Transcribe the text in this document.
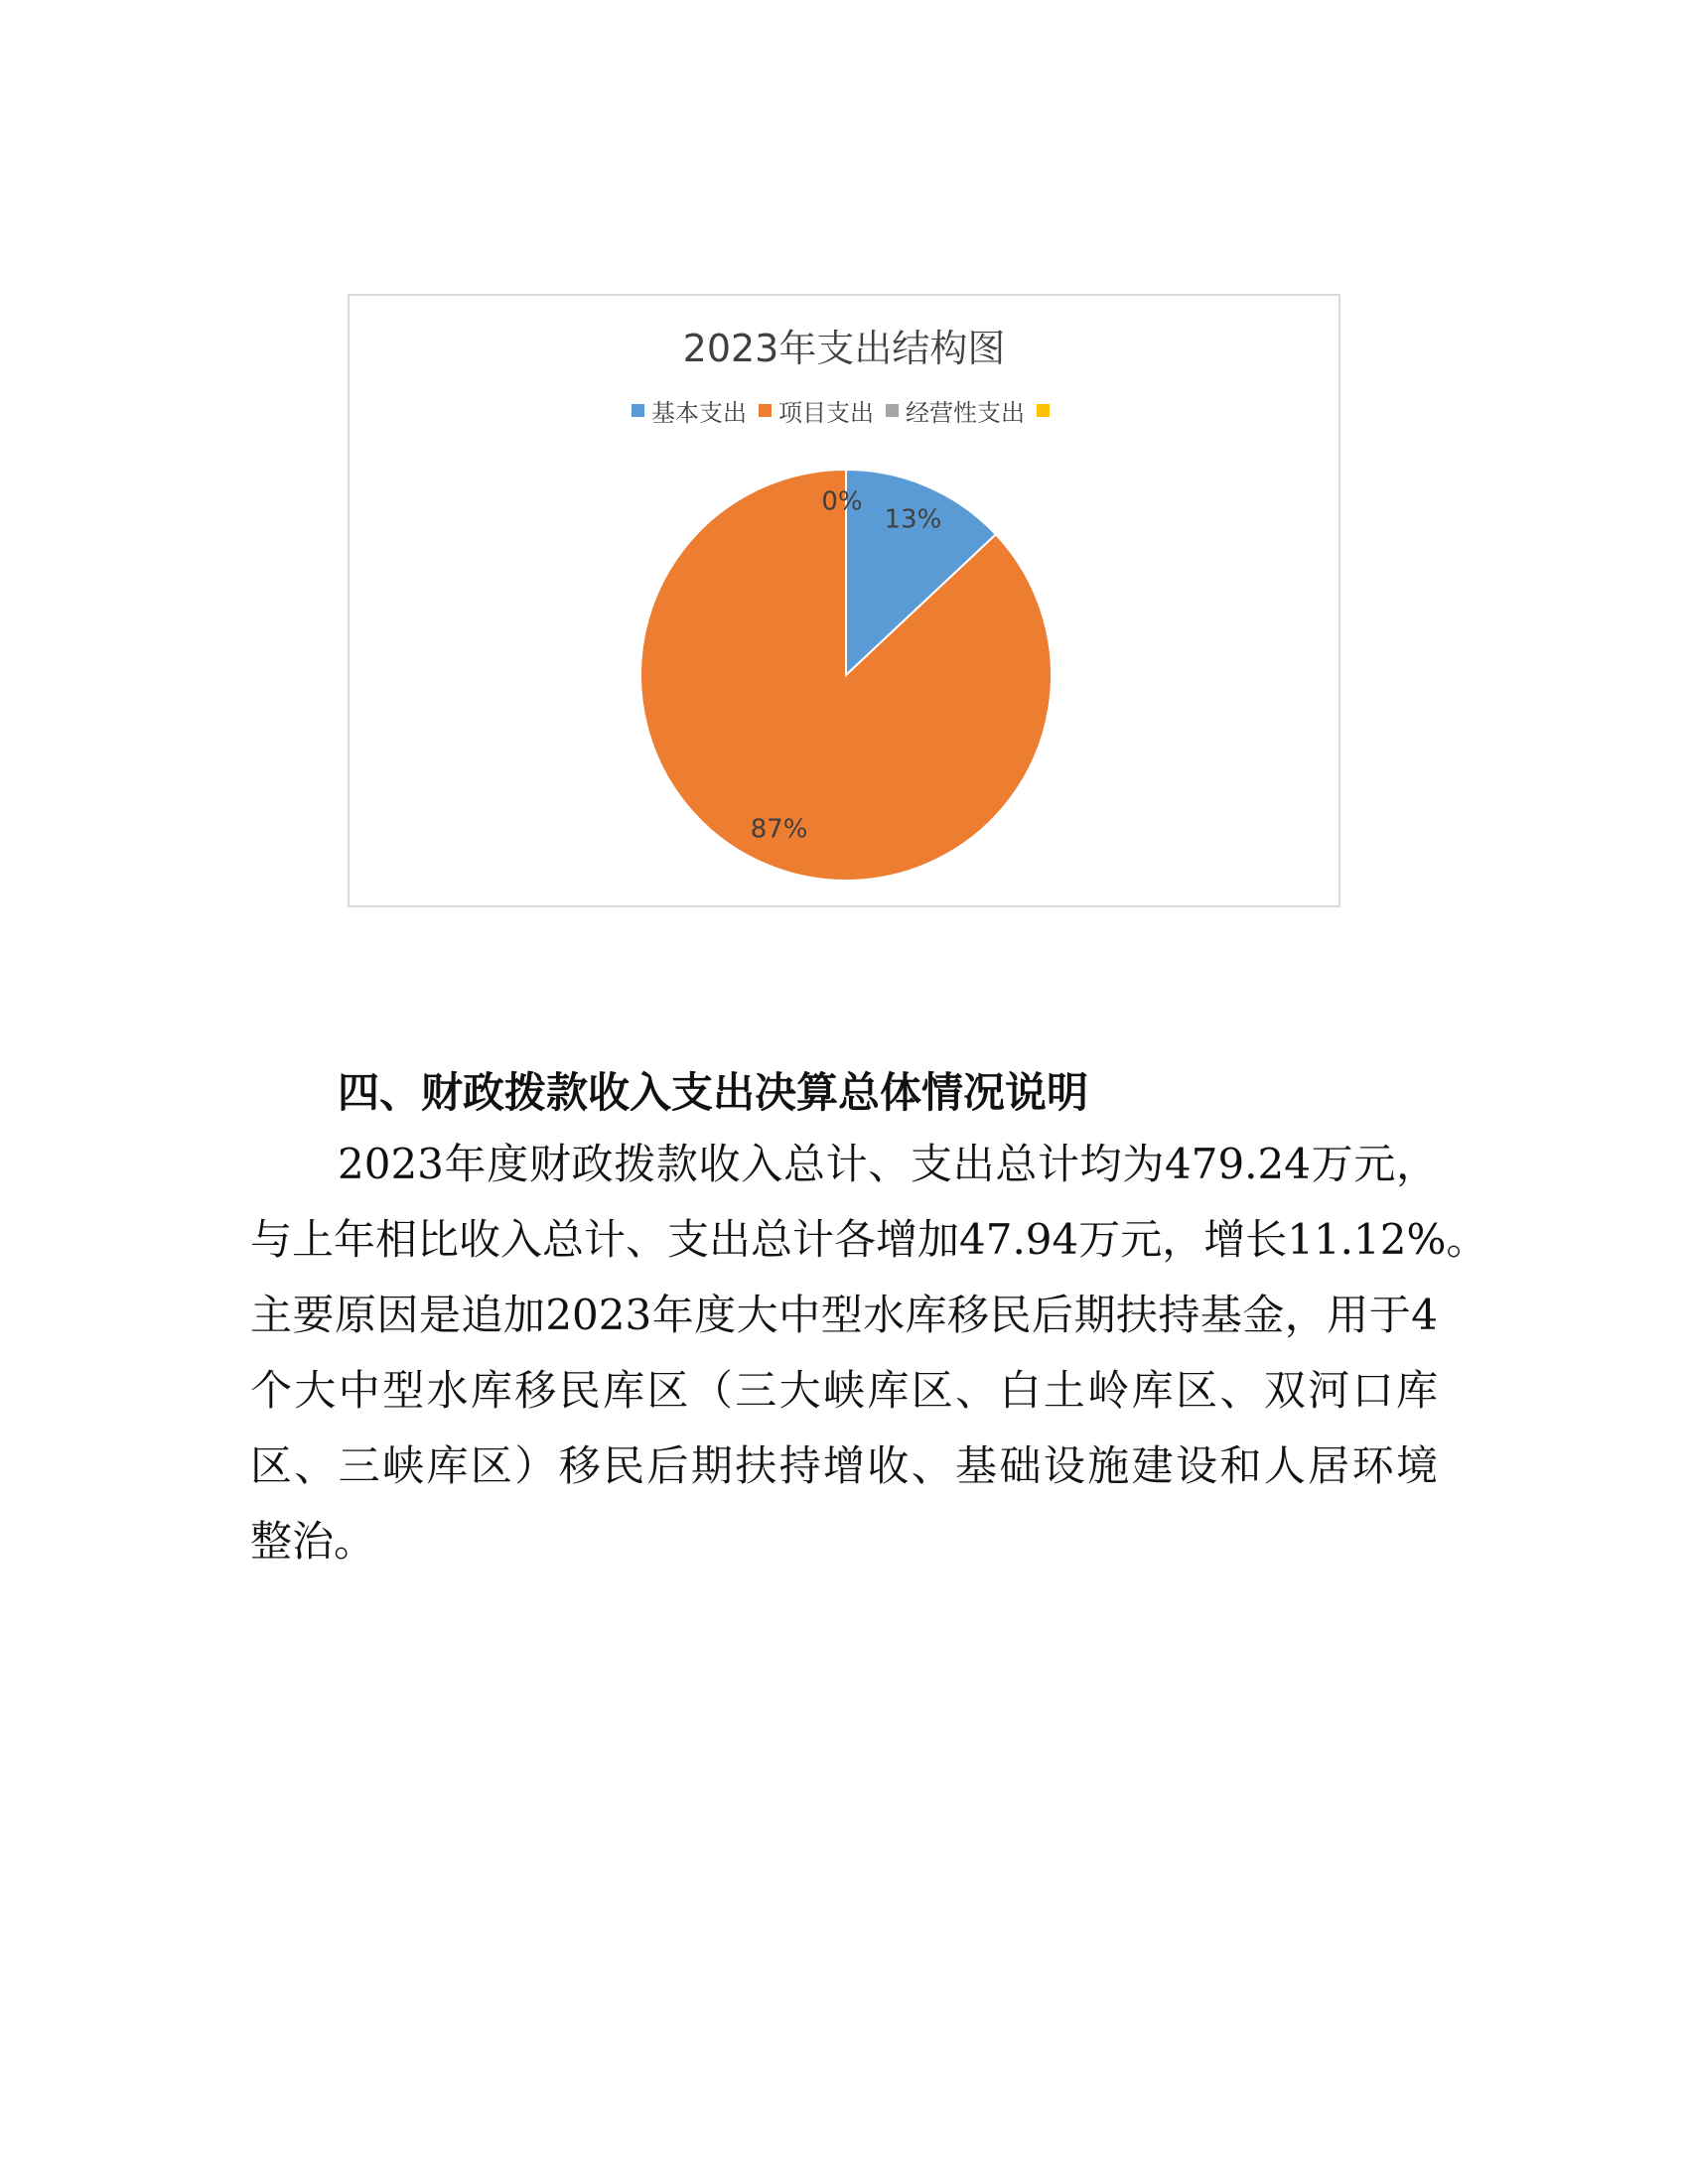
2023年支出结构图
基本支出 项目支出 经营性支出
13%
87%
0%
四、财政拨款收入支出决算总体情况说明

2023年度财政拨款收入总计、支出总计均为479.24万元，

与上年相比收入总计、支出总计各增加47.94万元，增长11.12%。

主要原因是追加2023年度大中型水库移民后期扶持基金，用于4

个大中型水库移民库区（三大峡库区、白土岭库区、双河口库

区、三峡库区）移民后期扶持增收、基础设施建设和人居环境

整治。
